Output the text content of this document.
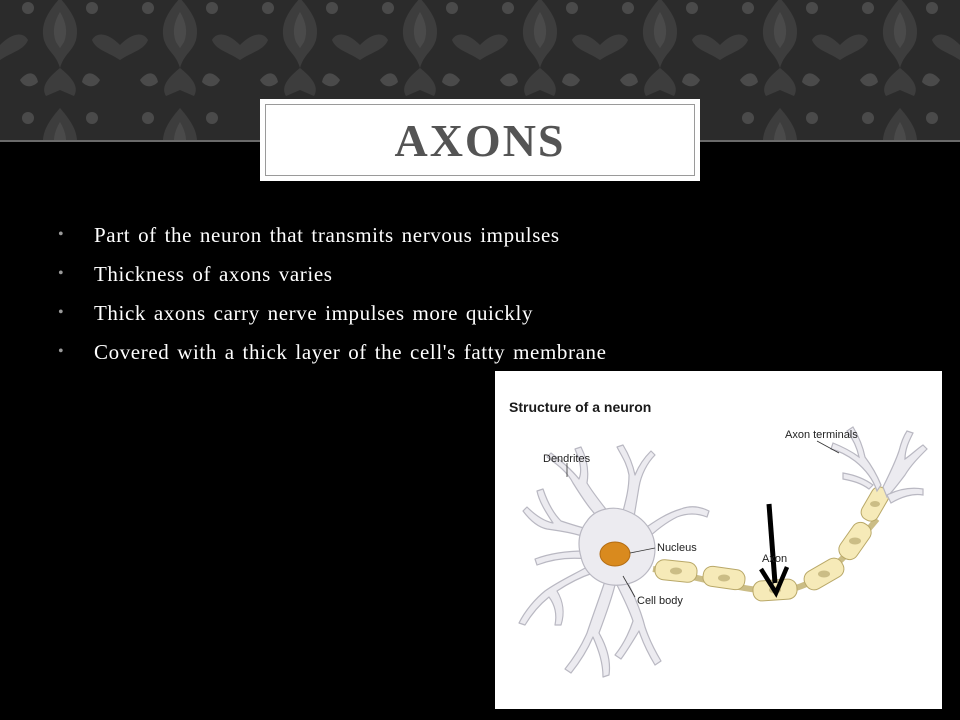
AXONS
• Part of the neuron that transmits nervous impulses
• Thickness of axons varies
• Thick axons carry nerve impulses more quickly
• Covered with a thick layer of the cell's fatty membrane
Structure of a neuron
Dendrites
Nucleus
Cell body
Axon
Axon terminals
